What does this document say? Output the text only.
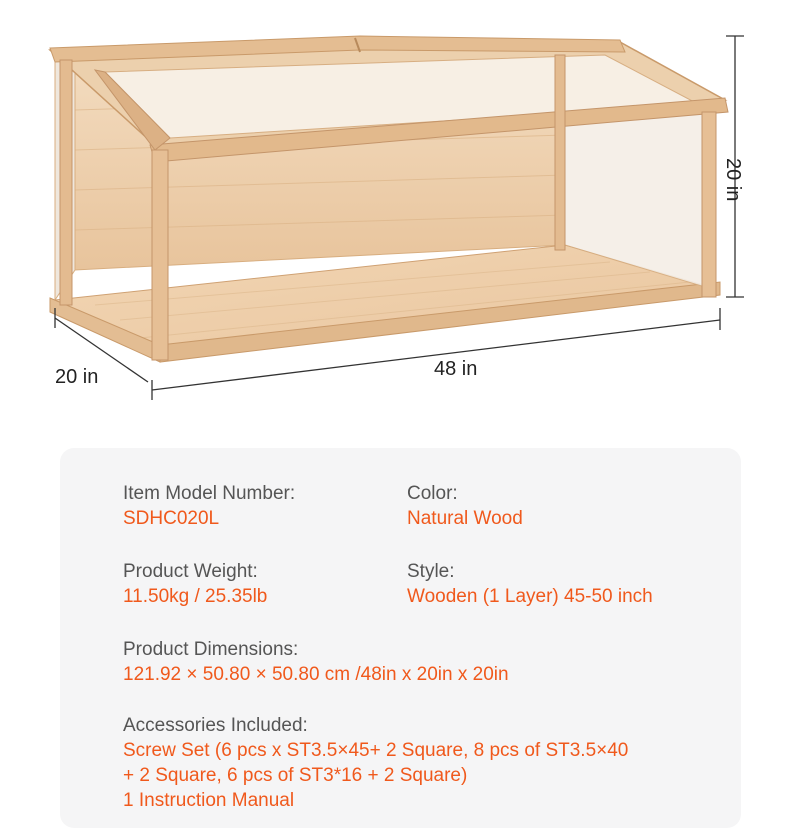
48 in
20 in
20 in
Item Model Number:
SDHC020L
Color:
Natural Wood
Product Weight:
11.50kg / 25.35lb
Style:
Wooden (1 Layer) 45-50 inch
Product Dimensions:
121.92 × 50.80 × 50.80 cm /48in x 20in x 20in
Accessories Included:
Screw Set (6 pcs x ST3.5×45+ 2 Square, 8 pcs of ST3.5×40
+ 2 Square, 6 pcs of ST3*16 + 2 Square)
1 Instruction Manual
